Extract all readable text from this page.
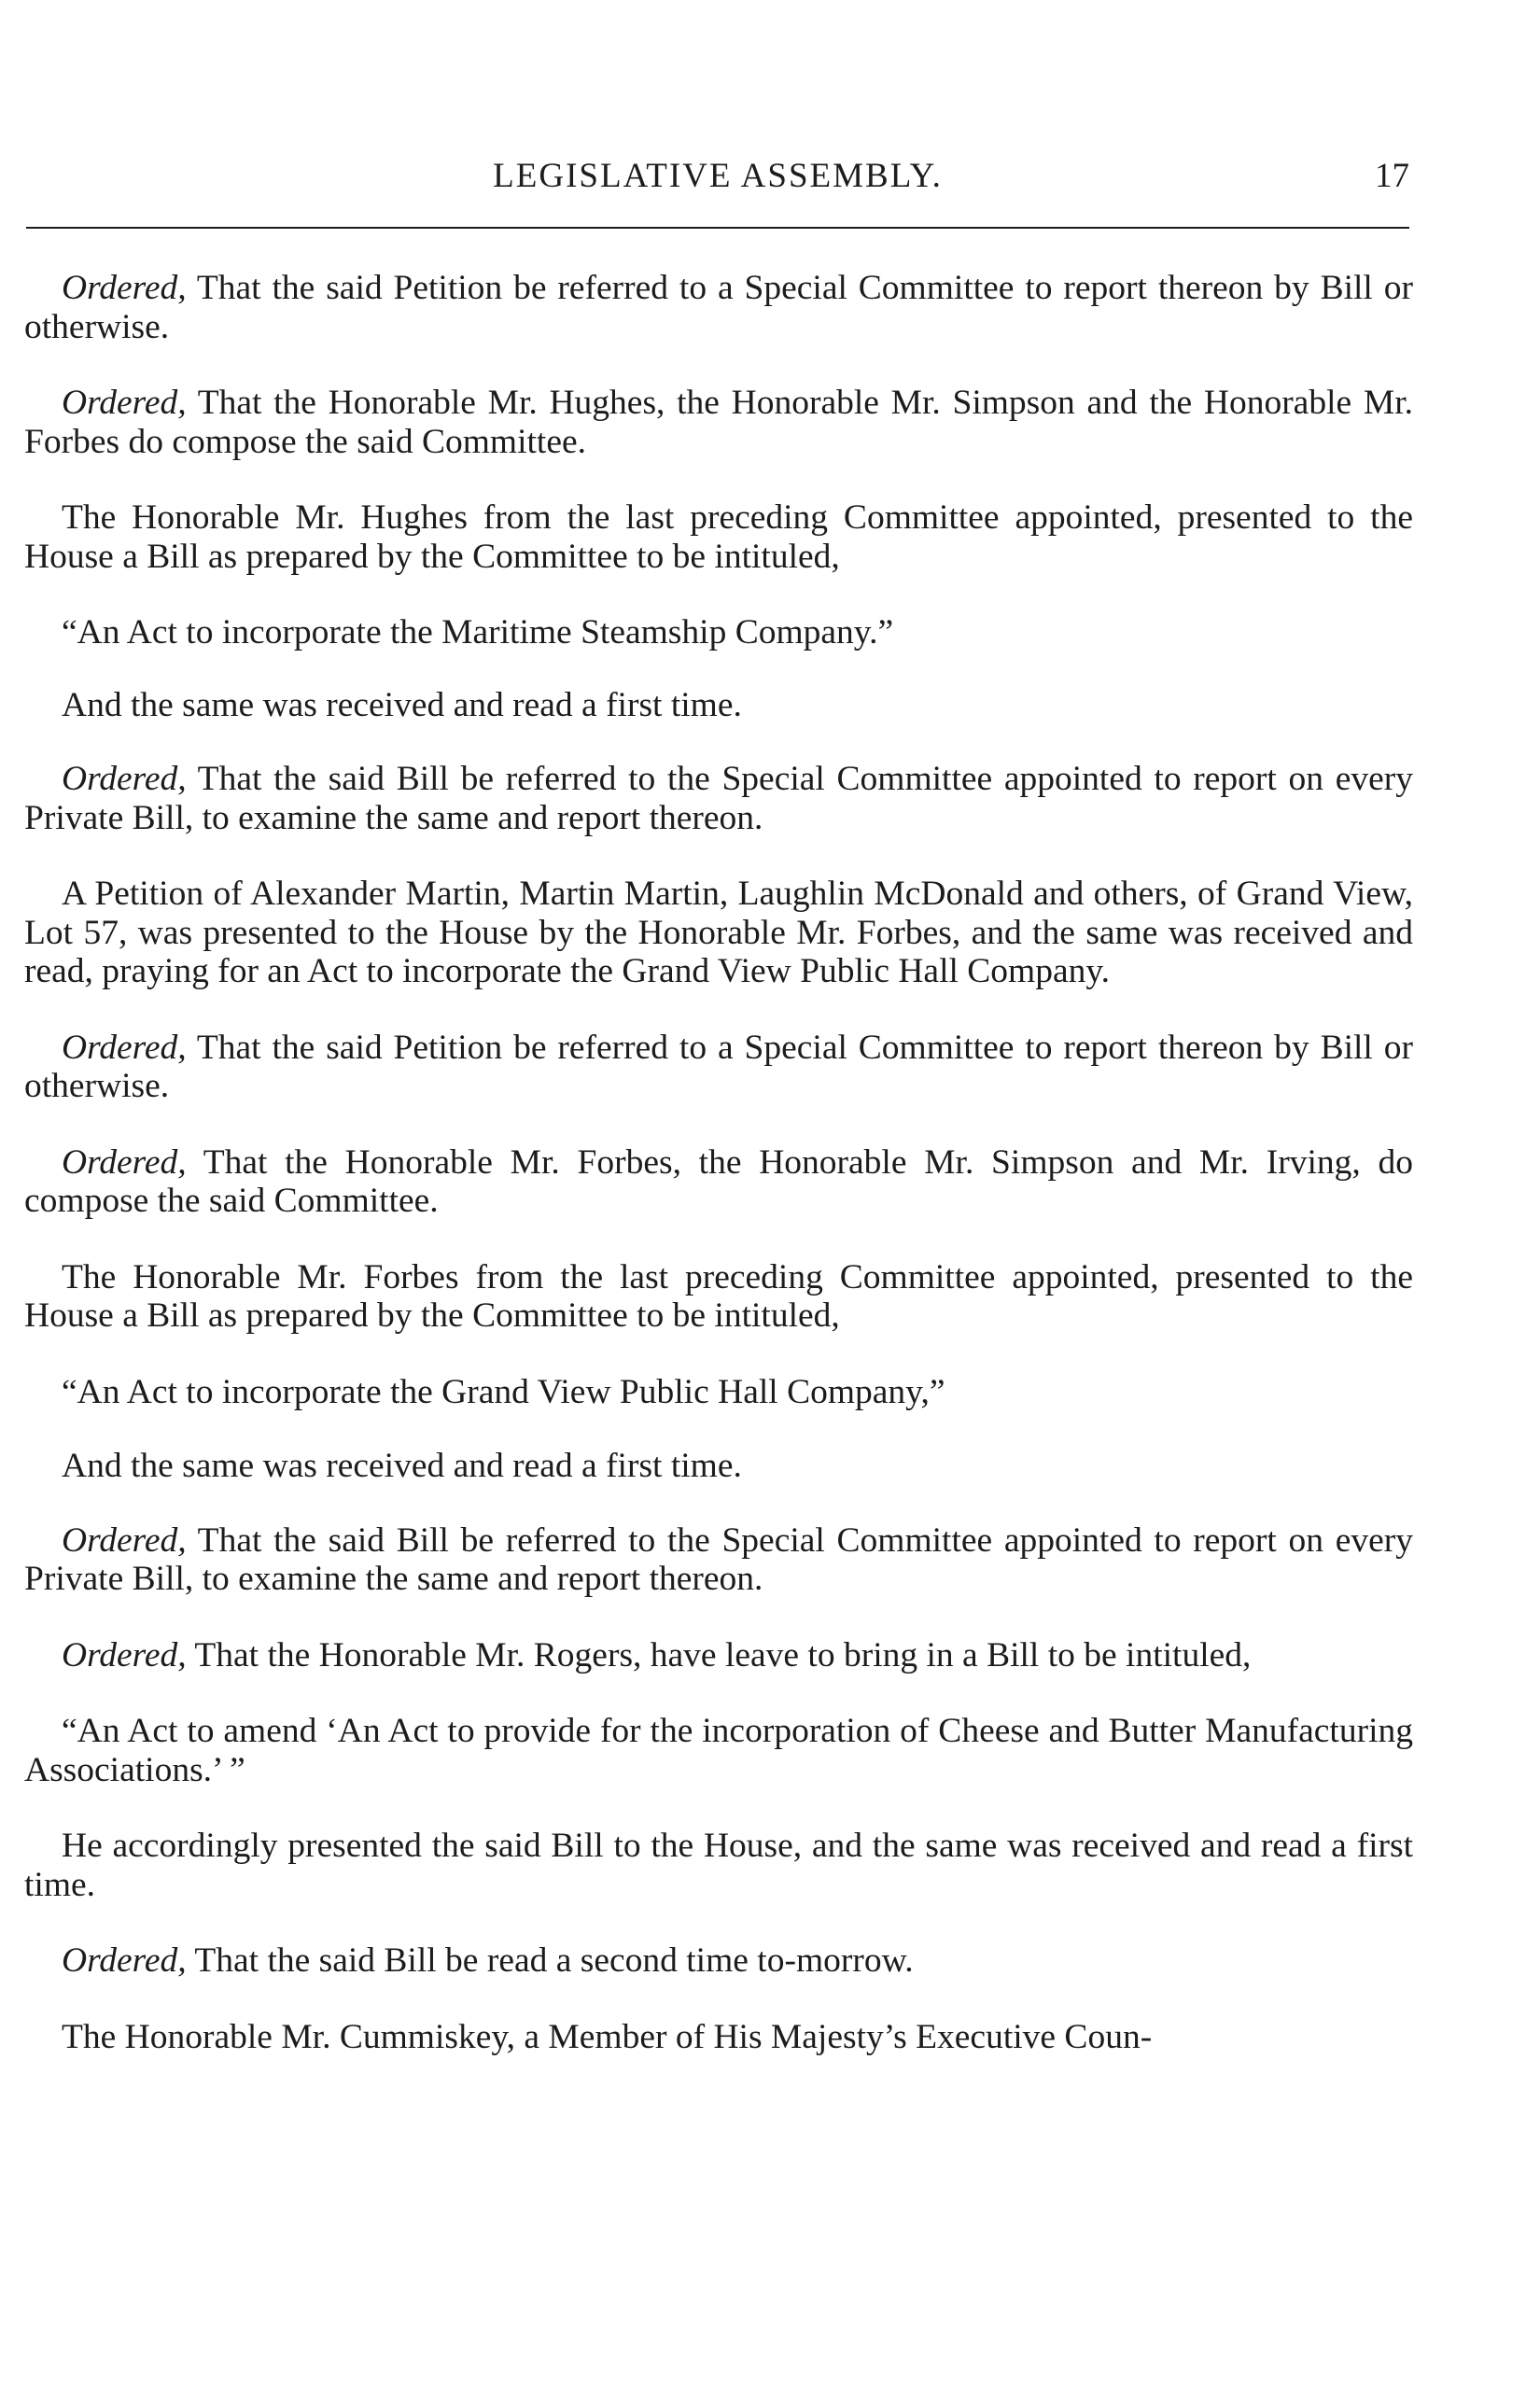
LEGISLATIVE ASSEMBLY.	17

Ordered, That the said Petition be referred to a Special Committee to report thereon by Bill or otherwise.

Ordered, That the Honorable Mr. Hughes, the Honorable Mr. Simpson and the Honorable Mr. Forbes do compose the said Committee.

The Honorable Mr. Hughes from the last preceding Committee appointed, presented to the House a Bill as prepared by the Committee to be intituled,

“An Act to incorporate the Maritime Steamship Company.”

And the same was received and read a first time.

Ordered, That the said Bill be referred to the Special Committee appointed to report on every Private Bill, to examine the same and report thereon.

A Petition of Alexander Martin, Martin Martin, Laughlin McDonald and others, of Grand View, Lot 57, was presented to the House by the Honorable Mr. Forbes, and the same was received and read, praying for an Act to incorporate the Grand View Public Hall Company.

Ordered, That the said Petition be referred to a Special Committee to report thereon by Bill or otherwise.

Ordered, That the Honorable Mr. Forbes, the Honorable Mr. Simpson and Mr. Irving, do compose the said Committee.

The Honorable Mr. Forbes from the last preceding Committee appointed, presented to the House a Bill as prepared by the Committee to be intituled,

“An Act to incorporate the Grand View Public Hall Company,”

And the same was received and read a first time.

Ordered, That the said Bill be referred to the Special Committee appointed to report on every Private Bill, to examine the same and report thereon.

Ordered, That the Honorable Mr. Rogers, have leave to bring in a Bill to be intituled,

“An Act to amend ‘An Act to provide for the incorporation of Cheese and Butter Manufacturing Associations.’ ”

He accordingly presented the said Bill to the House, and the same was received and read a first time.

Ordered, That the said Bill be read a second time to-morrow.

The Honorable Mr. Cummiskey, a Member of His Majesty’s Executive Coun-
